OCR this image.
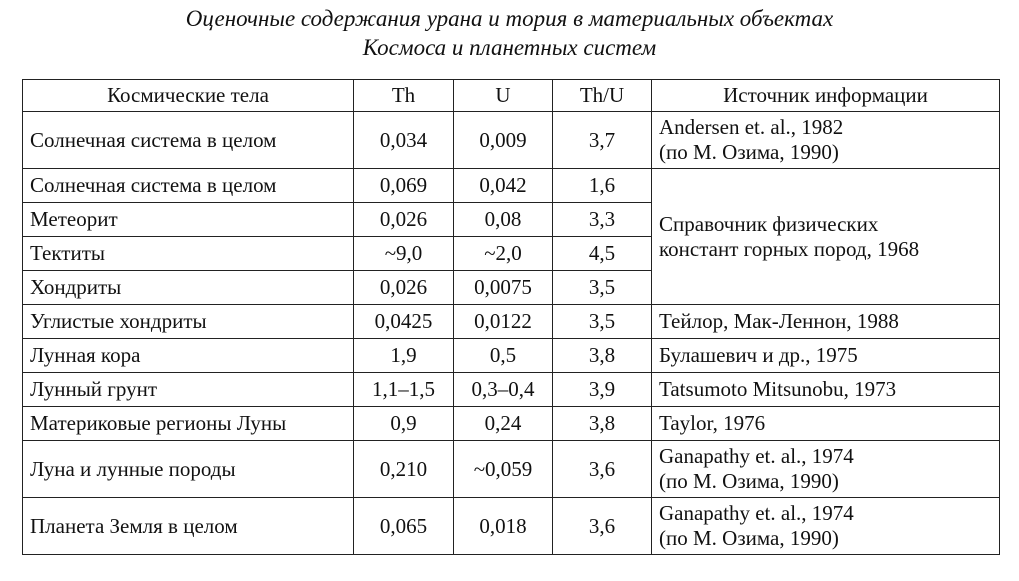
Оценочные содержания урана и тория в материальных объектах
Космоса и планетных систем
Космические тела	Th	U	Th/U	Источник информации
Солнечная система в целом	0,034	0,009	3,7	Andersen et. al., 1982
(по М. Озима, 1990)

Солнечная система в целом	0,069	0,042	1,6	Справочник физических
констант горных пород, 1968

Метеорит	0,026	0,08	3,3	
Тектиты	~9,0	~2,0	4,5	
Хондриты	0,026	0,0075	3,5	
Углистые хондриты	0,0425	0,0122	3,5	Тейлор, Мак-Леннон, 1988

Лунная кора	1,9	0,5	3,8	Булашевич и др., 1975

Лунный грунт	1,1–1,5	0,3–0,4	3,9	Tatsumoto Mitsunobu, 1973

Материковые регионы Луны	0,9	0,24	3,8	Taylor, 1976

Луна и лунные породы	0,210	~0,059	3,6	Ganapathy et. al., 1974
(по М. Озима, 1990)

Планета Земля в целом	0,065	0,018	3,6	Ganapathy et. al., 1974
(по М. Озима, 1990)
